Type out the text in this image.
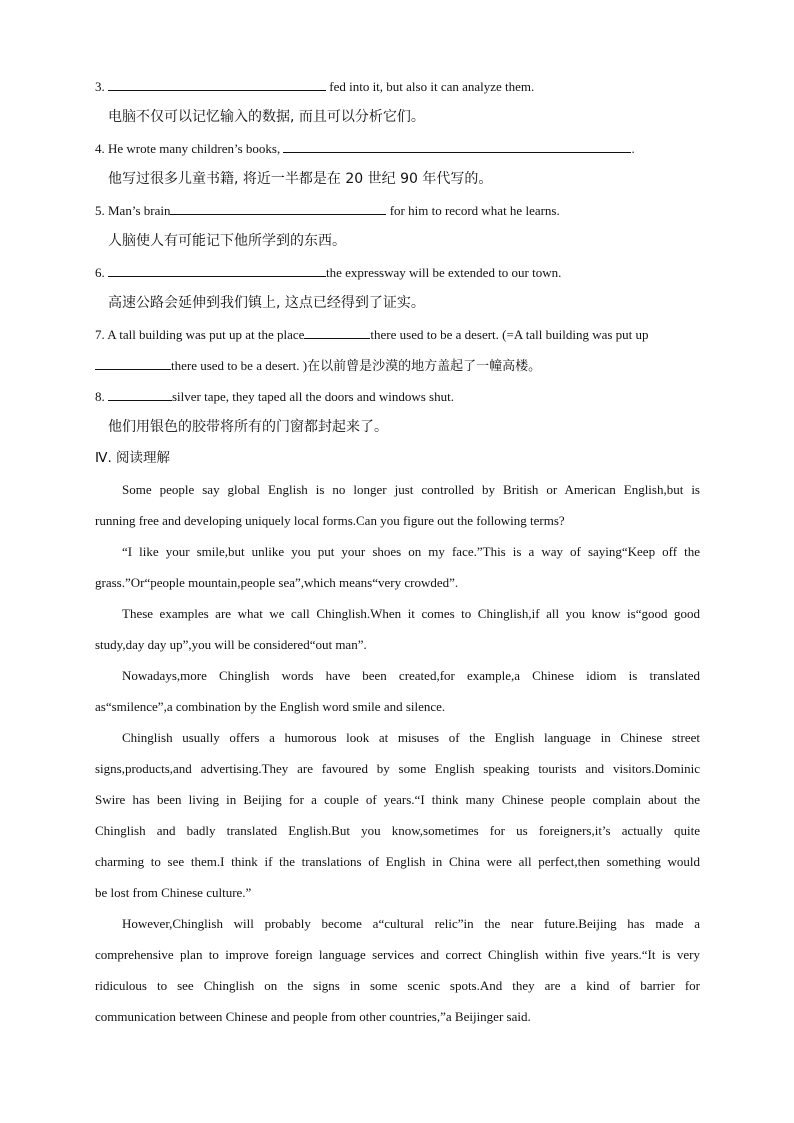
3.	fed into it, but also it can analyze them.
电脑不仅可以记忆输入的数据, 而且可以分析它们。
4. He wrote many children’s books,	.
他写过很多儿童书籍, 将近一半都是在 20 世纪 90 年代写的。
5. Man’s brain	for him to record what he learns.
人脑使人有可能记下他所学到的东西。
6.	the expressway will be extended to our town.
高速公路会延伸到我们镇上, 这点已经得到了证实。
7. A tall building was put up at the place	there used to be a desert. (=A tall building was put up
there used to be a desert. )在以前曾是沙漠的地方盖起了一幢高楼。
8.	silver tape, they taped all the doors and windows shut.
他们用银色的胶带将所有的门窗都封起来了。
Ⅳ. 阅读理解
Some people say global English is no longer just controlled by British or American English,but is
running free and developing uniquely local forms.Can you figure out the following terms?
“I like your smile,but unlike you put your shoes on my face.”This is a way of saying“Keep off the
grass.”Or“people mountain,people sea”,which means“very crowded”.
These examples are what we call Chinglish.When it comes to Chinglish,if all you know is“good good
study,day day up”,you will be considered“out man”.
Nowadays,more Chinglish words have been created,for example,a Chinese idiom is translated
as“smilence”,a combination by the English word smile and silence.
Chinglish usually offers a humorous look at misuses of the English language in Chinese street
signs,products,and advertising.They are favoured by some English speaking tourists and visitors.Dominic
Swire has been living in Beijing for a couple of years.“I think many Chinese people complain about the
Chinglish and badly translated English.But you know,sometimes for us foreigners,it’s actually quite
charming to see them.I think if the translations of English in China were all perfect,then something would
be lost from Chinese culture.”
However,Chinglish will probably become a“cultural relic”in the near future.Beijing has made a
comprehensive plan to improve foreign language services and correct Chinglish within five years.“It is very
ridiculous to see Chinglish on the signs in some scenic spots.And they are a kind of barrier for
communication between Chinese and people from other countries,”a Beijinger said.
